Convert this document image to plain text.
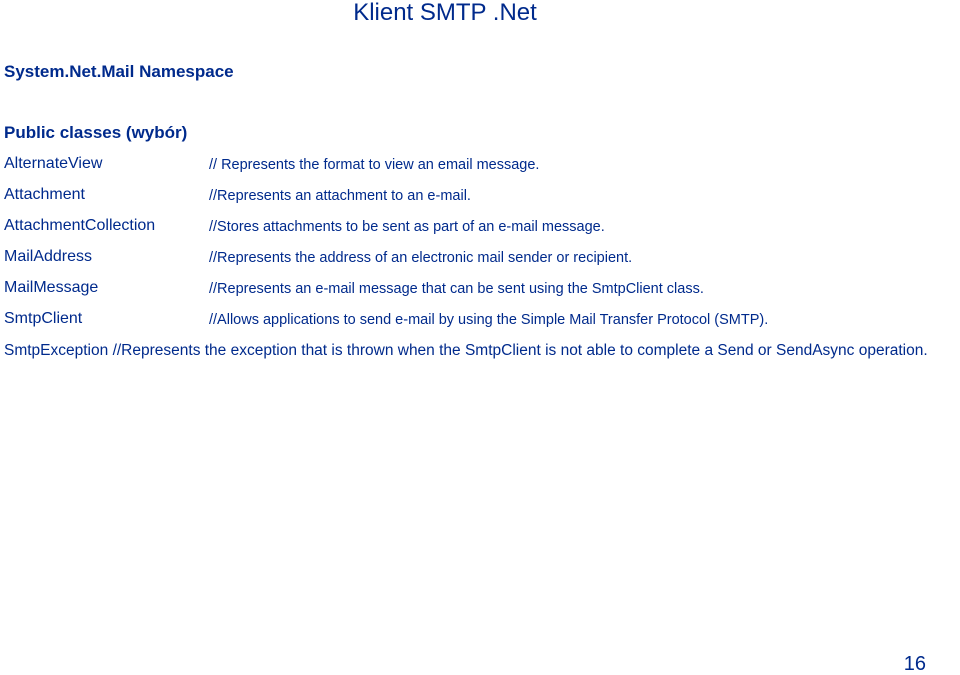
Klient SMTP .Net
System.Net.Mail Namespace
Public classes (wybór)
AlternateView	// Represents the format to view an email message.
Attachment	//Represents an attachment to an e-mail.
AttachmentCollection	//Stores attachments to be sent as part of an e-mail message.
MailAddress	//Represents the address of an electronic mail sender or recipient.
MailMessage	//Represents an e-mail message that can be sent using the SmtpClient class.
SmtpClient	//Allows applications to send e-mail by using the Simple Mail Transfer Protocol (SMTP).
SmtpException //Represents the exception that is thrown when the SmtpClient is not able to complete a Send or SendAsync operation.
16
